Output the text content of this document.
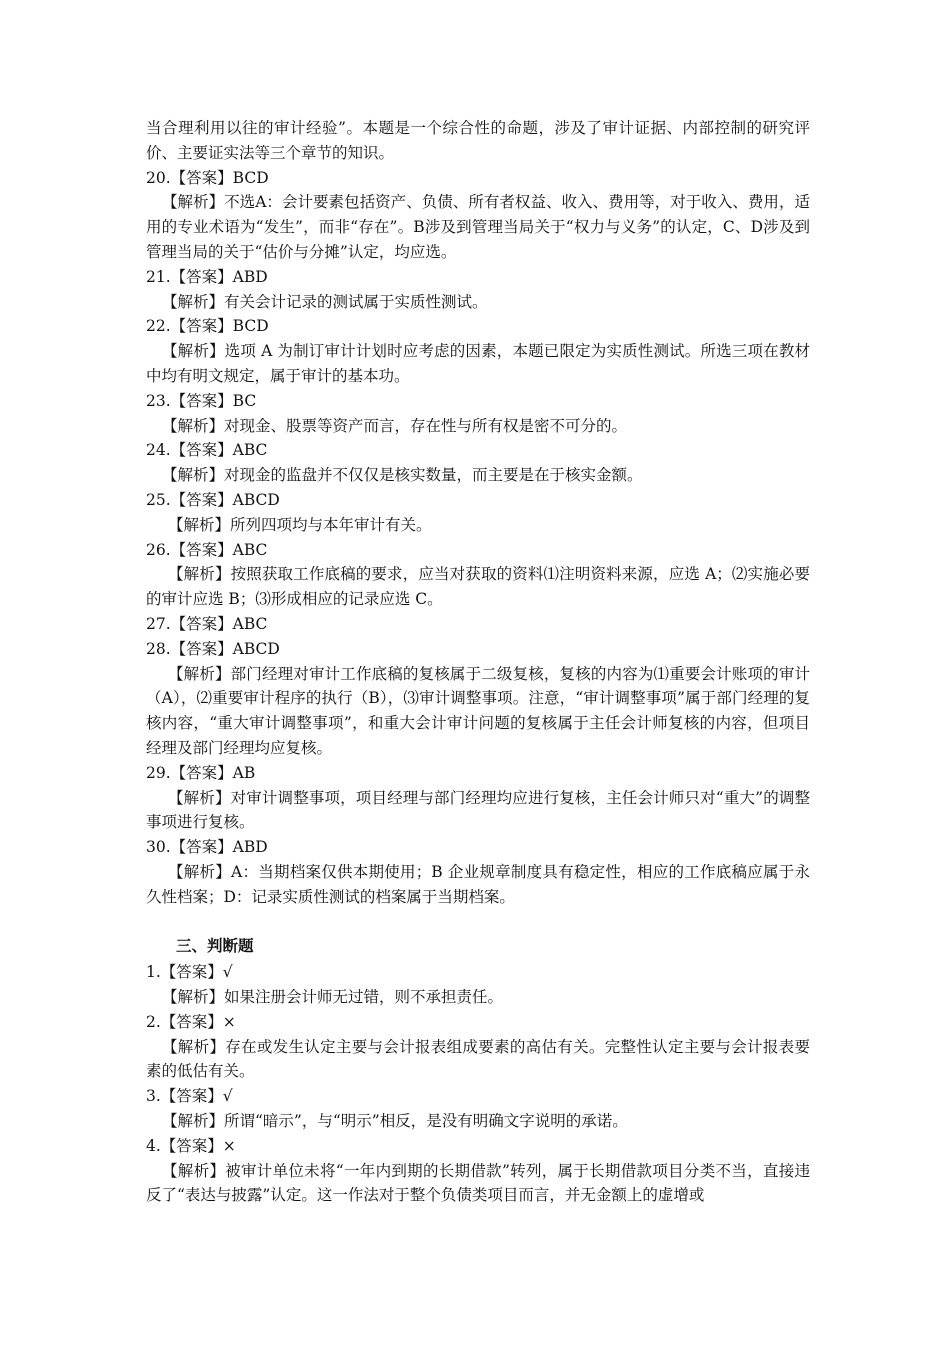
当合理利用以往的审计经验”。本题是一个综合性的命题，涉及了审计证据、内部控制的研究评价、主要证实法等三个章节的知识。

20.【答案】BCD

【解析】不选A：会计要素包括资产、负债、所有者权益、收入、费用等，对于收入、费用，适用的专业术语为“发生”，而非“存在”。B涉及到管理当局关于“权力与义务”的认定，C、D涉及到管理当局的关于“估价与分摊”认定，均应选。

21.【答案】ABD

【解析】有关会计记录的测试属于实质性测试。

22.【答案】BCD

【解析】选项 A 为制订审计计划时应考虑的因素，本题已限定为实质性测试。所选三项在教材中均有明文规定，属于审计的基本功。

23.【答案】BC

【解析】对现金、股票等资产而言，存在性与所有权是密不可分的。

24.【答案】ABC

【解析】对现金的监盘并不仅仅是核实数量，而主要是在于核实金额。

25.【答案】ABCD

【解析】所列四项均与本年审计有关。

26.【答案】ABC

【解析】按照获取工作底稿的要求，应当对获取的资料⑴注明资料来源，应选 A；⑵实施必要的审计应选 B；⑶形成相应的记录应选 C。

27.【答案】ABC

28.【答案】ABCD

【解析】部门经理对审计工作底稿的复核属于二级复核，复核的内容为⑴重要会计账项的审计（A），⑵重要审计程序的执行（B），⑶审计调整事项。注意，“审计调整事项”属于部门经理的复核内容，“重大审计调整事项”，和重大会计审计问题的复核属于主任会计师复核的内容，但项目经理及部门经理均应复核。

29.【答案】AB

【解析】对审计调整事项，项目经理与部门经理均应进行复核，主任会计师只对“重大”的调整事项进行复核。

30.【答案】ABD

【解析】A：当期档案仅供本期使用；B 企业规章制度具有稳定性，相应的工作底稿应属于永久性档案；D：记录实质性测试的档案属于当期档案。

三、判断题

1.【答案】√

【解析】如果注册会计师无过错，则不承担责任。

2.【答案】×

【解析】存在或发生认定主要与会计报表组成要素的高估有关。完整性认定主要与会计报表要素的低估有关。

3.【答案】√

【解析】所谓“暗示”，与“明示”相反，是没有明确文字说明的承诺。

4.【答案】×

【解析】被审计单位未将“一年内到期的长期借款”转列，属于长期借款项目分类不当，直接违反了“表达与披露”认定。这一作法对于整个负债类项目而言，并无金额上的虚增或
